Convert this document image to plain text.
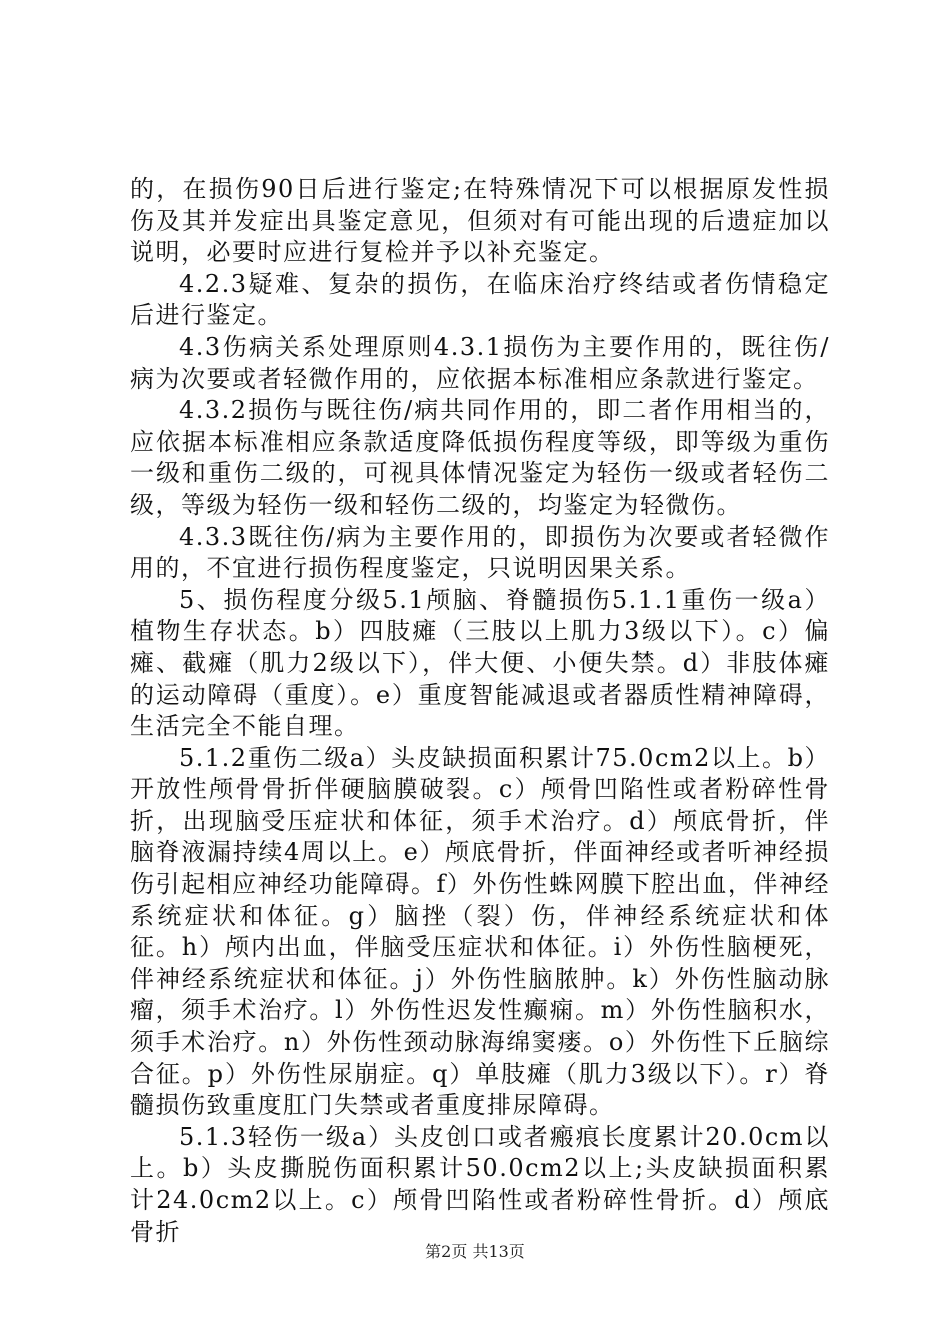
的，在损伤90日后进行鉴定;在特殊情况下可以根据原发性损伤及其并发症出具鉴定意见，但须对有可能出现的后遗症加以说明，必要时应进行复检并予以补充鉴定。

4.2.3疑难、复杂的损伤，在临床治疗终结或者伤情稳定后进行鉴定。

4.3伤病关系处理原则4.3.1损伤为主要作用的，既往伤/病为次要或者轻微作用的，应依据本标准相应条款进行鉴定。

4.3.2损伤与既往伤/病共同作用的，即二者作用相当的，应依据本标准相应条款适度降低损伤程度等级，即等级为重伤一级和重伤二级的，可视具体情况鉴定为轻伤一级或者轻伤二级，等级为轻伤一级和轻伤二级的，均鉴定为轻微伤。

4.3.3既往伤/病为主要作用的，即损伤为次要或者轻微作用的，不宜进行损伤程度鉴定，只说明因果关系。

5、损伤程度分级5.1颅脑、脊髓损伤5.1.1重伤一级a）植物生存状态。b）四肢瘫（三肢以上肌力3级以下）。c）偏瘫、截瘫（肌力2级以下），伴大便、小便失禁。d）非肢体瘫的运动障碍（重度）。e）重度智能减退或者器质性精神障碍，生活完全不能自理。

5.1.2重伤二级a）头皮缺损面积累计75.0cm2以上。b）开放性颅骨骨折伴硬脑膜破裂。c）颅骨凹陷性或者粉碎性骨折，出现脑受压症状和体征，须手术治疗。d）颅底骨折，伴脑脊液漏持续4周以上。e）颅底骨折，伴面神经或者听神经损伤引起相应神经功能障碍。f）外伤性蛛网膜下腔出血，伴神经系统症状和体征。g）脑挫（裂）伤，伴神经系统症状和体征。h）颅内出血，伴脑受压症状和体征。i）外伤性脑梗死，伴神经系统症状和体征。j）外伤性脑脓肿。k）外伤性脑动脉瘤，须手术治疗。l）外伤性迟发性癫痫。m）外伤性脑积水，须手术治疗。n）外伤性颈动脉海绵窦瘘。o）外伤性下丘脑综合征。p）外伤性尿崩症。q）单肢瘫（肌力3级以下）。r）脊髓损伤致重度肛门失禁或者重度排尿障碍。

5.1.3轻伤一级a）头皮创口或者瘢痕长度累计20.0cm以上。b）头皮撕脱伤面积累计50.0cm2以上;头皮缺损面积累计24.0cm2以上。c）颅骨凹陷性或者粉碎性骨折。d）颅底骨折

第2页 共13页
